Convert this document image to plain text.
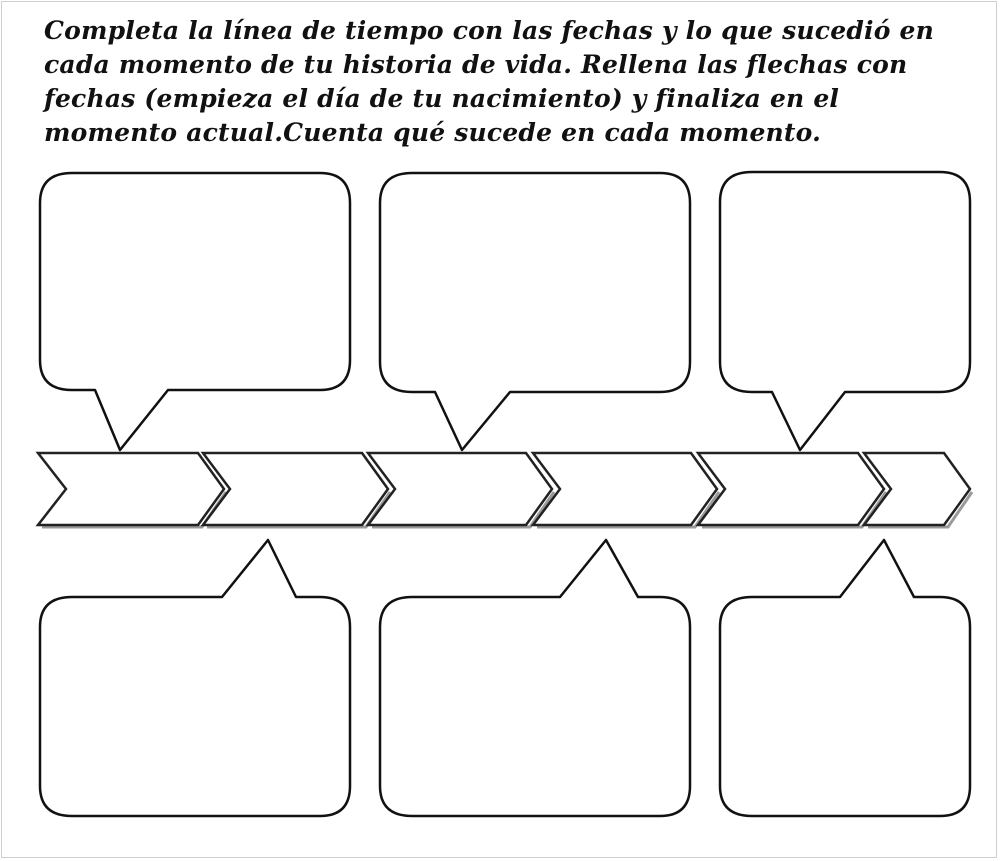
Completa la línea de tiempo con las fechas y lo que sucedió en cada momento de tu historia de vida. Rellena las flechas con fechas (empieza el día de tu nacimiento) y finaliza en el momento actual.Cuenta qué sucede en cada momento.
